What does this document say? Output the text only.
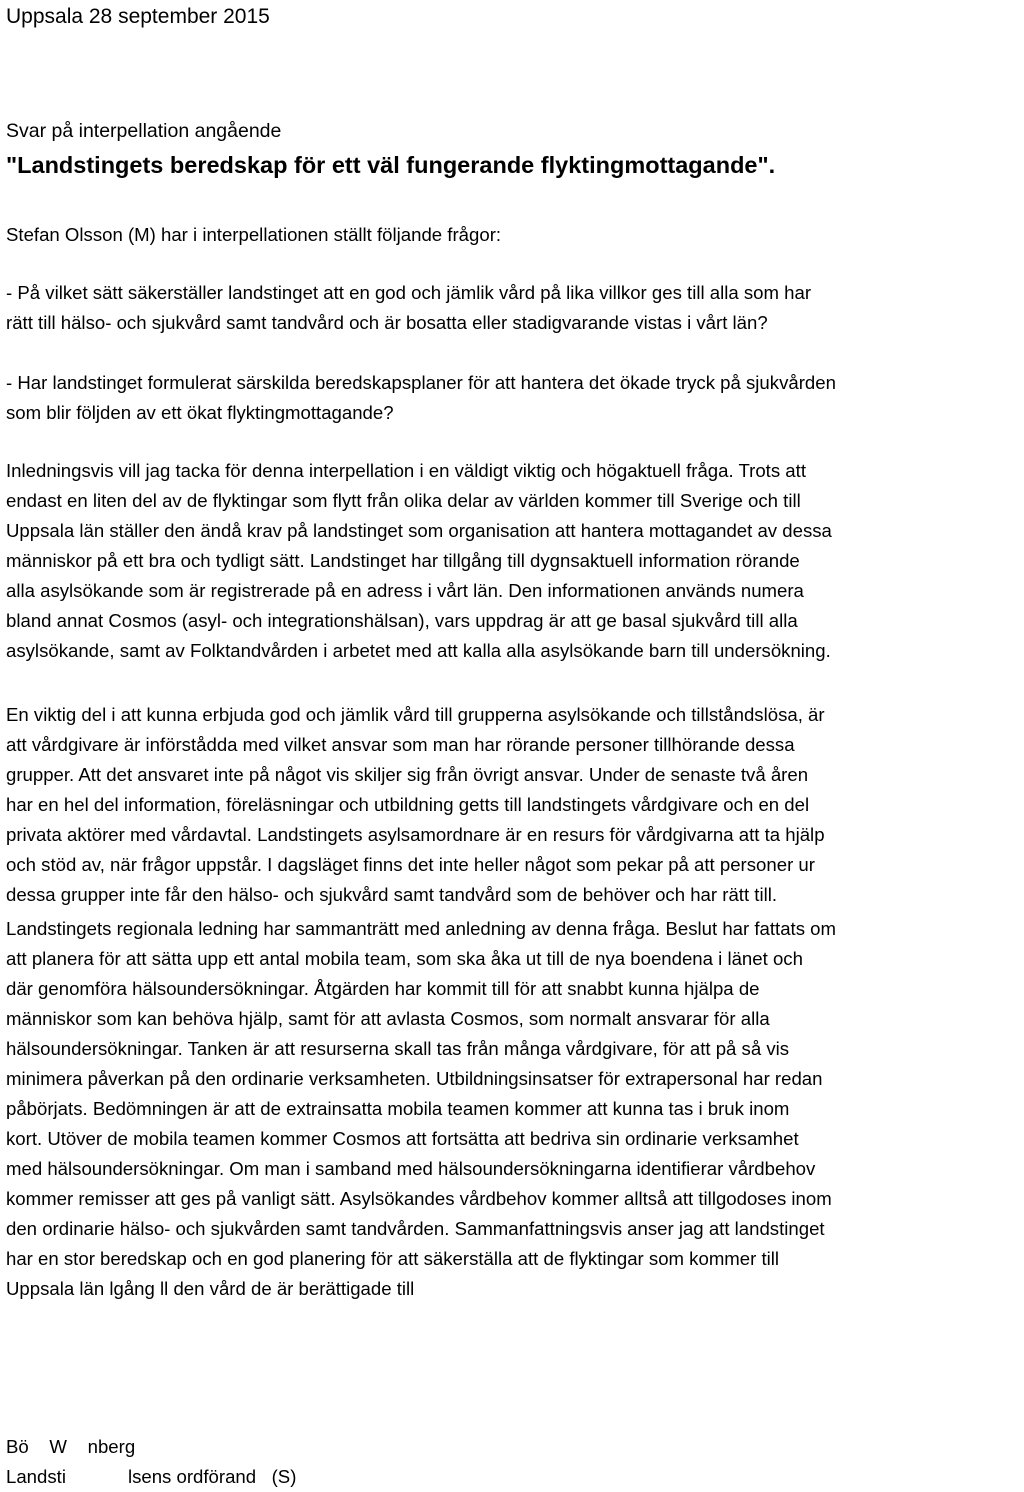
Uppsala 28 september 2015
Svar på interpellation angående
"Landstingets beredskap för ett väl fungerande flyktingmottagande".
Stefan Olsson (M) har i interpellationen ställt följande frågor:
- På vilket sätt säkerställer landstinget att en god och jämlik vård på lika villkor ges till alla som har
rätt till hälso- och sjukvård samt tandvård och är bosatta eller stadigvarande vistas i vårt län?
- Har landstinget formulerat särskilda beredskapsplaner för att hantera det ökade tryck på sjukvården
som blir följden av ett ökat flyktingmottagande?
Inledningsvis vill jag tacka för denna interpellation i en väldigt viktig och högaktuell fråga. Trots att
endast en liten del av de flyktingar som flytt från olika delar av världen kommer till Sverige och till
Uppsala län ställer den ändå krav på landstinget som organisation att hantera mottagandet av dessa
människor på ett bra och tydligt sätt. Landstinget har tillgång till dygnsaktuell information rörande
alla asylsökande som är registrerade på en adress i vårt län. Den informationen används numera
bland annat Cosmos (asyl- och integrationshälsan), vars uppdrag är att ge basal sjukvård till alla
asylsökande, samt av Folktandvården i arbetet med att kalla alla asylsökande barn till undersökning.
En viktig del i att kunna erbjuda god och jämlik vård till grupperna asylsökande och tillståndslösa, är
att vårdgivare är införstådda med vilket ansvar som man har rörande personer tillhörande dessa
grupper. Att det ansvaret inte på något vis skiljer sig från övrigt ansvar. Under de senaste två åren
har en hel del information, föreläsningar och utbildning getts till landstingets vårdgivare och en del
privata aktörer med vårdavtal. Landstingets asylsamordnare är en resurs för vårdgivarna att ta hjälp
och stöd av, när frågor uppstår. I dagsläget finns det inte heller något som pekar på att personer ur
dessa grupper inte får den hälso- och sjukvård samt tandvård som de behöver och har rätt till.
Landstingets regionala ledning har sammanträtt med anledning av denna fråga. Beslut har fattats om
att planera för att sätta upp ett antal mobila team, som ska åka ut till de nya boendena i länet och
där genomföra hälsoundersökningar. Åtgärden har kommit till för att snabbt kunna hjälpa de
människor som kan behöva hjälp, samt för att avlasta Cosmos, som normalt ansvarar för alla
hälsoundersökningar. Tanken är att resurserna skall tas från många vårdgivare, för att på så vis
minimera påverkan på den ordinarie verksamheten. Utbildningsinsatser för extrapersonal har redan
påbörjats. Bedömningen är att de extrainsatta mobila teamen kommer att kunna tas i bruk inom
kort. Utöver de mobila teamen kommer Cosmos att fortsätta att bedriva sin ordinarie verksamhet
med hälsoundersökningar. Om man i samband med hälsoundersökningarna identifierar vårdbehov
kommer remisser att ges på vanligt sätt. Asylsökandes vårdbehov kommer alltså att tillgodoses inom
den ordinarie hälso- och sjukvården samt tandvården. Sammanfattningsvis anser jag att landstinget
har en stor beredskap och en god planering för att säkerställa att de flyktingar som kommer till
Uppsala län lgång ll den vård de är berättigade till
Bö    W    nberg
Landsti            lsens ordförand   (S)
